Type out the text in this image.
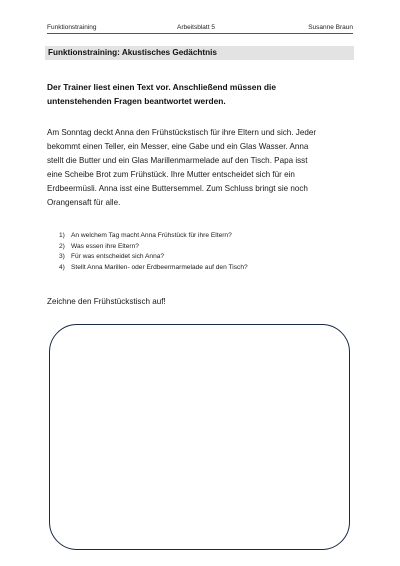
Funktionstraining	Arbeitsblatt 5	Susanne Braun
Funktionstraining: Akustisches Gedächtnis
Der Trainer liest einen Text vor. Anschließend müssen die
untenstehenden Fragen beantwortet werden.
Am Sonntag deckt Anna den Frühstückstisch für ihre Eltern und sich. Jeder
bekommt einen Teller, ein Messer, eine Gabe und ein Glas Wasser. Anna
stellt die Butter und ein Glas Marillenmarmelade auf den Tisch. Papa isst
eine Scheibe Brot zum Frühstück. Ihre Mutter entscheidet sich für ein
Erdbeermüsli. Anna isst eine Buttersemmel. Zum Schluss bringt sie noch
Orangensaft für alle.
1) An welchem Tag macht Anna Frühstück für ihre Eltern?
2) Was essen ihre Eltern?
3) Für was entscheidet sich Anna?
4) Stellt Anna Marillen- oder Erdbeermarmelade auf den Tisch?
Zeichne den Frühstückstisch auf!
